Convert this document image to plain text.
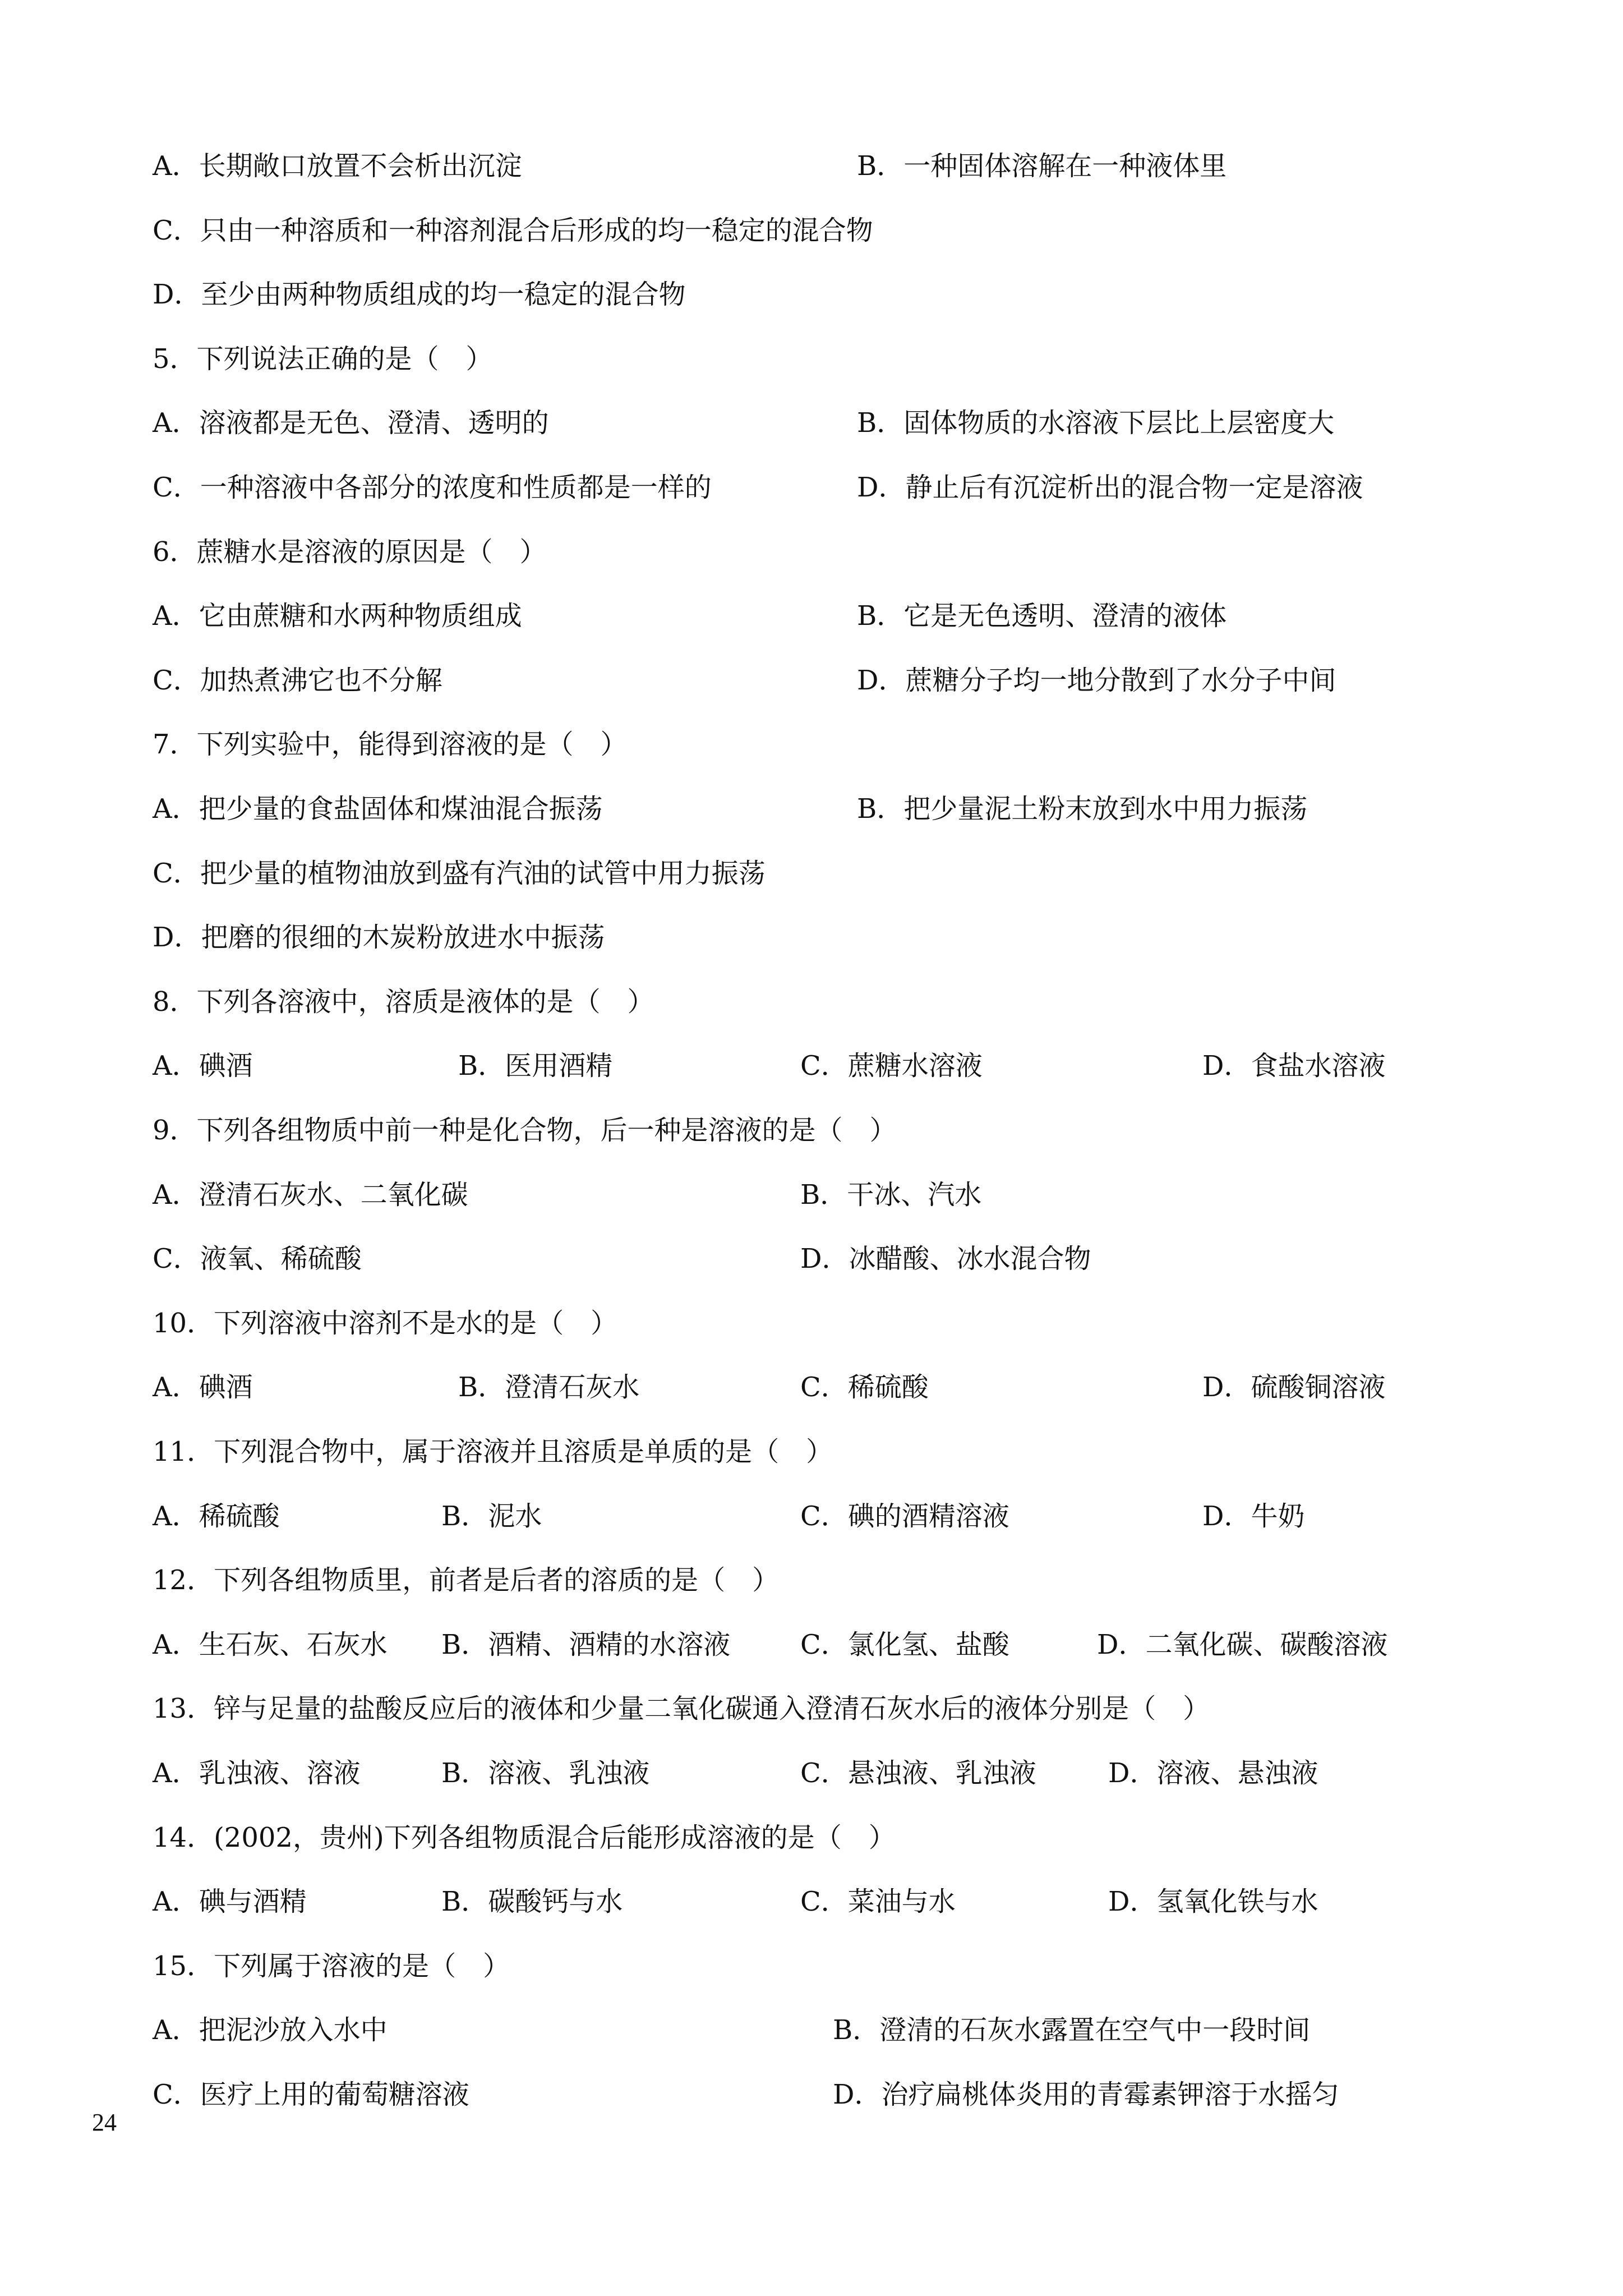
A．长期敞口放置不会析出沉淀	B．一种固体溶解在一种液体里
C．只由一种溶质和一种溶剂混合后形成的均一稳定的混合物
D．至少由两种物质组成的均一稳定的混合物
5．下列说法正确的是（　）
A．溶液都是无色、澄清、透明的	B．固体物质的水溶液下层比上层密度大
C．一种溶液中各部分的浓度和性质都是一样的	D．静止后有沉淀析出的混合物一定是溶液
6．蔗糖水是溶液的原因是（　）
A．它由蔗糖和水两种物质组成	B．它是无色透明、澄清的液体
C．加热煮沸它也不分解	D．蔗糖分子均一地分散到了水分子中间
7．下列实验中，能得到溶液的是（　）
A．把少量的食盐固体和煤油混合振荡	B．把少量泥土粉末放到水中用力振荡
C．把少量的植物油放到盛有汽油的试管中用力振荡
D．把磨的很细的木炭粉放进水中振荡
8．下列各溶液中，溶质是液体的是（　）
A．碘酒	B．医用酒精	C．蔗糖水溶液	D．食盐水溶液
9．下列各组物质中前一种是化合物，后一种是溶液的是（　）
A．澄清石灰水、二氧化碳	B．干冰、汽水
C．液氧、稀硫酸	D．冰醋酸、冰水混合物
10．下列溶液中溶剂不是水的是（　）
A．碘酒	B．澄清石灰水	C．稀硫酸	D．硫酸铜溶液
11．下列混合物中，属于溶液并且溶质是单质的是（　）
A．稀硫酸	B．泥水	C．碘的酒精溶液	D．牛奶
12．下列各组物质里，前者是后者的溶质的是（　）
A．生石灰、石灰水 B．酒精、酒精的水溶液	C．氯化氢、盐酸	D．二氧化碳、碳酸溶液
13．锌与足量的盐酸反应后的液体和少量二氧化碳通入澄清石灰水后的液体分别是（　）
A．乳浊液、溶液	B．溶液、乳浊液	C．悬浊液、乳浊液	D．溶液、悬浊液
14．(2002，贵州)下列各组物质混合后能形成溶液的是（　）
A．碘与酒精	B．碳酸钙与水	C．菜油与水	D．氢氧化铁与水
15．下列属于溶液的是（　）
A．把泥沙放入水中	B．澄清的石灰水露置在空气中一段时间
C．医疗上用的葡萄糖溶液	D．治疗扁桃体炎用的青霉素钾溶于水摇匀
24
